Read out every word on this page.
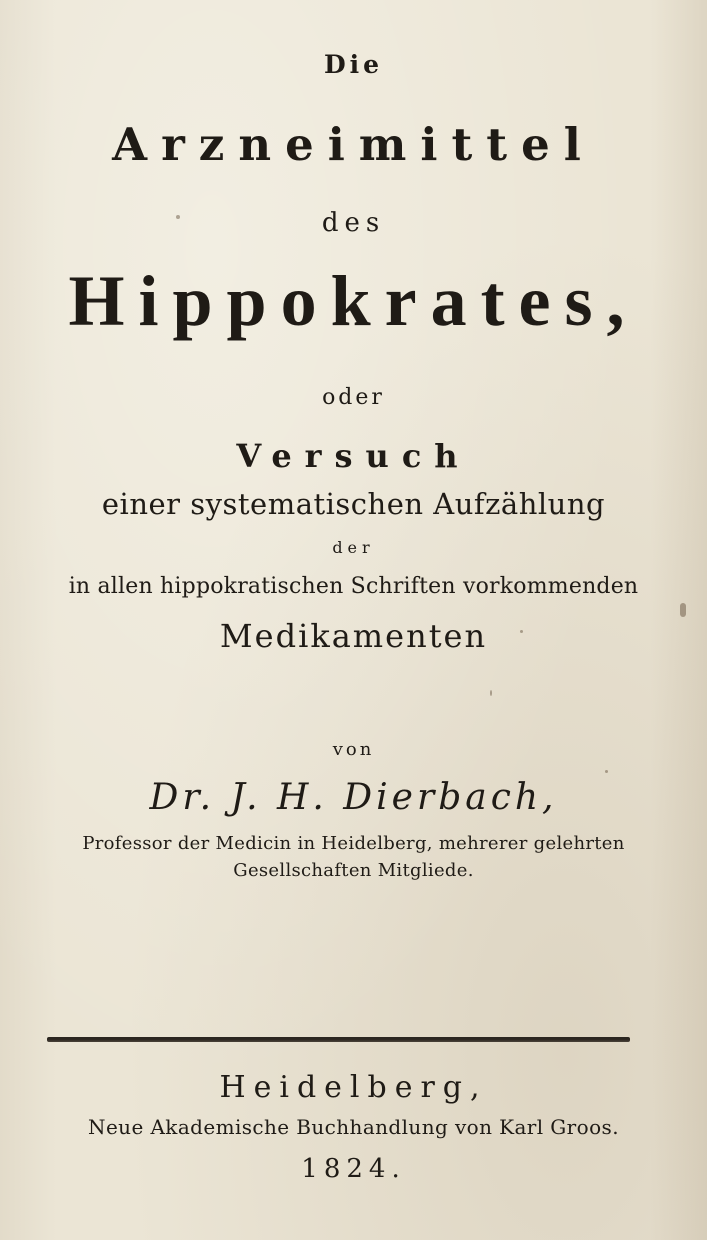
Die
Arzneimittel
des
Hippokrates,
oder
Versuch
einer systematischen Aufzählung
der
in allen hippokratischen Schriften vorkommenden
Medikamenten
von
Dr. J. H. Dierbach,
Professor der Medicin in Heidelberg, mehrerer gelehrten
Gesellschaften Mitgliede.
Heidelberg,
Neue Akademische Buchhandlung von Karl Groos.
1824.
